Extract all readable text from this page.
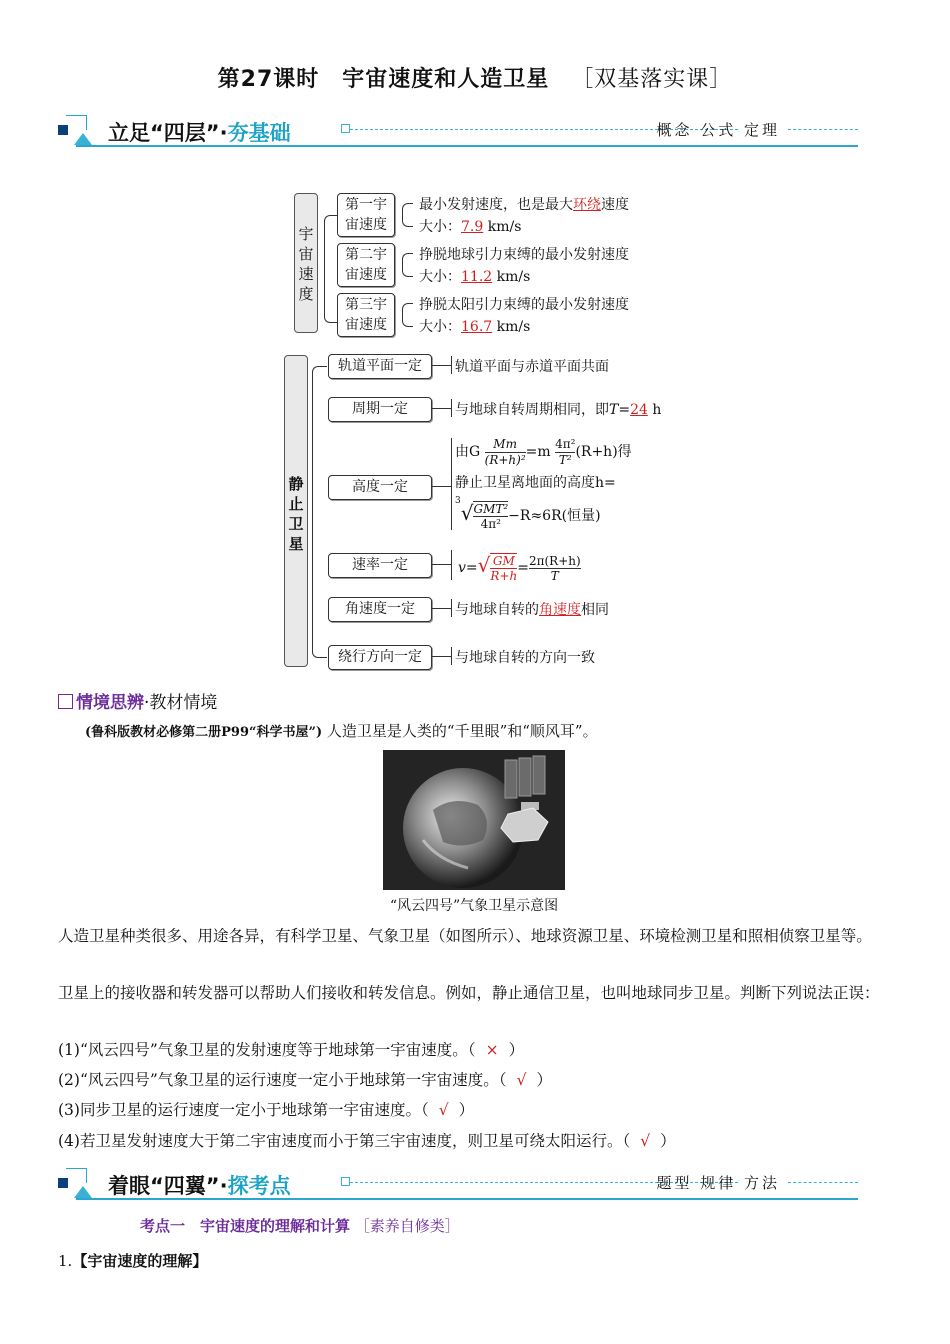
第27课时　宇宙速度和人造卫星 ［双基落实课］
立足“四层”·夯基础	概念 公式 定理
宇宙速度
第一宇宙速度
最小发射速度，也是最大环绕速度
大小：7.9 km/s
第二宇宙速度
挣脱地球引力束缚的最小发射速度
大小：11.2 km/s
第三宇宙速度
挣脱太阳引力束缚的最小发射速度
大小：16.7 km/s
静止卫星
轨道平面一定	轨道平面与赤道平面共面
周期一定	与地球自转周期相同，即T=24 h
高度一定
由G $\frac{Mm}{\text{(R+h)²}} =m \frac{\text{4π²}}{\text{T²}} (R+h)$得
静止卫星离地面的高度h=
$^3$√ GMT²
4π² −R≈6R(恒量)
速率一定	$v=√ \frac{GM}{R+h} = \frac{2\pi(R+h)}{T}$
角速度一定	与地球自转的角速度相同
绕行方向一定	与地球自转的方向一致
情境思辨·教材情境
(鲁科版教材必修第二册P99“科学书屋”) 人造卫星是人类的“千里眼”和“顺风耳”。
“风云四号”气象卫星示意图
人造卫星种类很多、用途各异，有科学卫星、气象卫星（如图所示）、地球资源卫星、环境检测卫星和照相侦察卫星等。
卫星上的接收器和转发器可以帮助人们接收和转发信息。例如，静止通信卫星，也叫地球同步卫星。判断下列说法正误：
(1)“风云四号”气象卫星的发射速度等于地球第一宇宙速度。（ × ）
(2)“风云四号”气象卫星的运行速度一定小于地球第一宇宙速度。（ √ ）
(3)同步卫星的运行速度一定小于地球第一宇宙速度。（ √ ）
(4)若卫星发射速度大于第二宇宙速度而小于第三宇宙速度，则卫星可绕太阳运行。（ √ ）
着眼“四翼”·探考点	题型 规律 方法
考点一　宇宙速度的理解和计算 ［素养自修类］
1.【宇宙速度的理解】
